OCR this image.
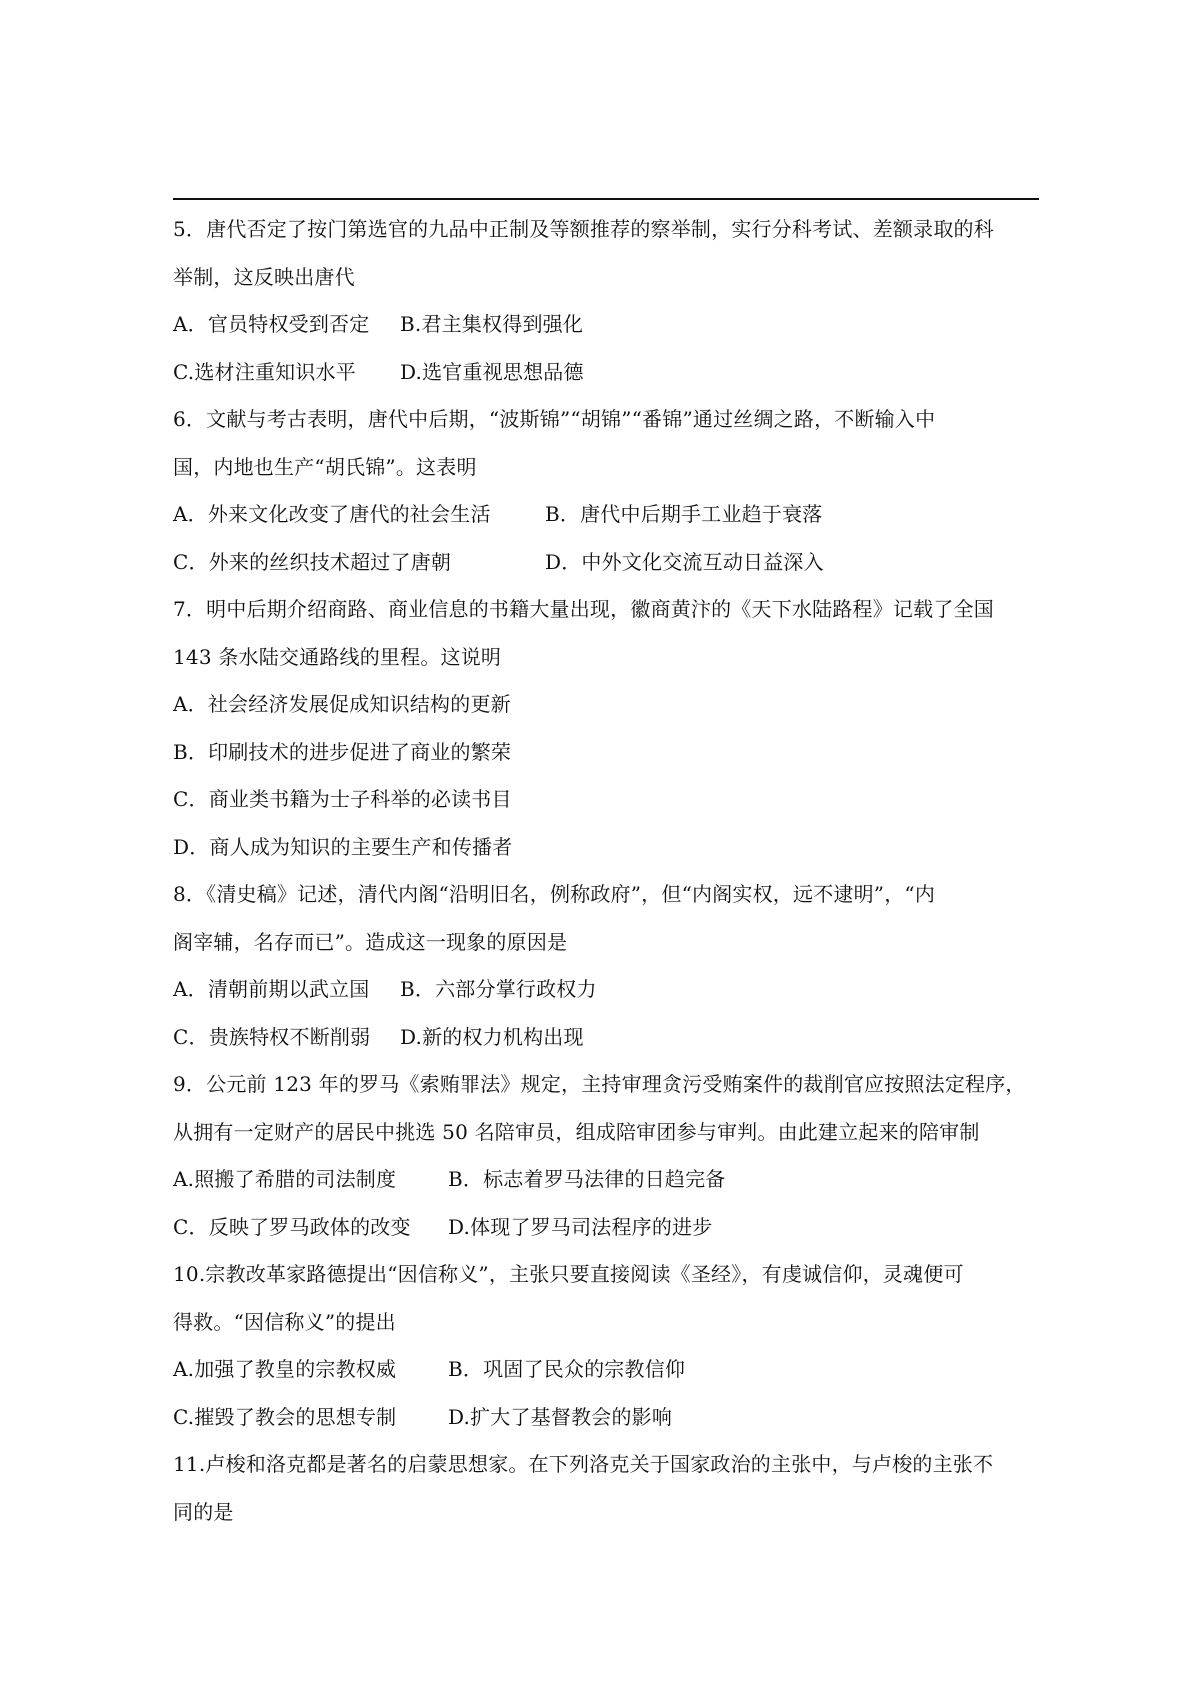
5．唐代否定了按门第选官的九品中正制及等额推荐的察举制，实行分科考试、差额录取的科
举制，这反映出唐代
A．官员特权受到否定 B.君主集权得到强化
C.选材注重知识水平 D.选官重视思想品德
6．文献与考古表明，唐代中后期，“波斯锦”“胡锦”“番锦”通过丝绸之路，不断输入中
国，内地也生产“胡氏锦”。这表明
A．外来文化改变了唐代的社会生活	B．唐代中后期手工业趋于衰落
C．外来的丝织技术超过了唐朝	D．中外文化交流互动日益深入
7．明中后期介绍商路、商业信息的书籍大量出现，徽商黄汴的《天下水陆路程》记载了全国
143 条水陆交通路线的里程。这说明
A．社会经济发展促成知识结构的更新
B．印刷技术的进步促进了商业的繁荣
C．商业类书籍为士子科举的必读书目
D．商人成为知识的主要生产和传播者
8．《清史稿》记述，清代内阁“沿明旧名，例称政府”，但“内阁实权，远不逮明”，“内
阁宰辅，名存而已”。造成这一现象的原因是
A．清朝前期以武立国 B．六部分掌行政权力
C．贵族特权不断削弱 D.新的权力机构出现
9．公元前 123 年的罗马《索贿罪法》规定，主持审理贪污受贿案件的裁削官应按照法定程序，
从拥有一定财产的居民中挑选 50 名陪审员，组成陪审团参与审判。由此建立起来的陪审制
A.照搬了希腊的司法制度	B．标志着罗马法律的日趋完备
C．反映了罗马政体的改变 D.体现了罗马司法程序的进步
10.宗教改革家路德提出“因信称义”，主张只要直接阅读《圣经》，有虔诚信仰，灵魂便可
得救。“因信称义”的提出
A.加强了教皇的宗教权威	B．巩固了民众的宗教信仰
C.摧毁了教会的思想专制	D.扩大了基督教会的影响
11.卢梭和洛克都是著名的启蒙思想家。在下列洛克关于国家政治的主张中，与卢梭的主张不
同的是
